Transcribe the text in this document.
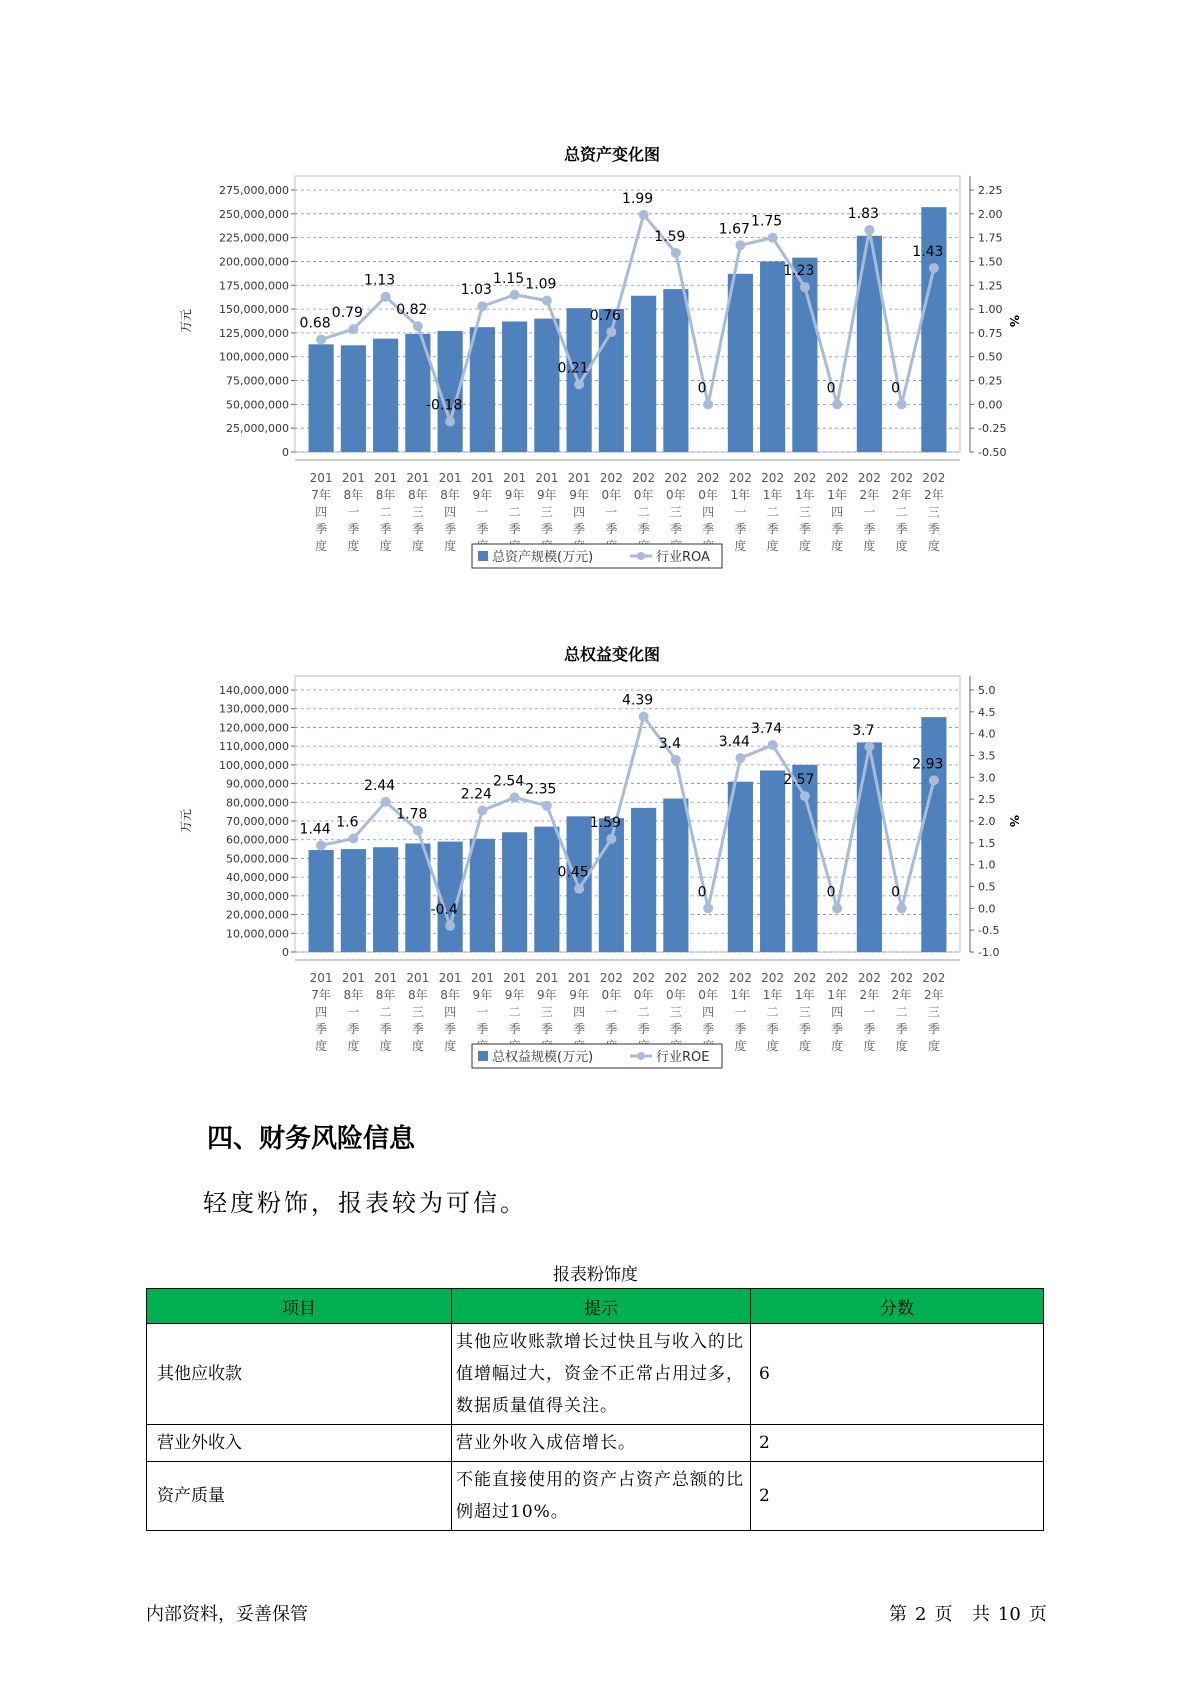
总资产变化图
0
25,000,000
50,000,000
75,000,000
100,000,000
125,000,000
150,000,000
175,000,000
200,000,000
225,000,000
250,000,000
275,000,000
-0.50
-0.25
0.00
0.25
0.50
0.75
1.00
1.25
1.50
1.75
2.00
2.25
万元	%
0.68
0.79
1.13
0.82
-0.18
1.03
1.15 1.09
0.21
0.76
1.99
1.59
0
1.67 1.75
1.23
0
1.83
0
1.43
201
7年
四
季
度
201
8年
一
季
度
201
8年
二
季
度
201
8年
三
季
度
201
8年
四
季
度
201
9年
一
季
201
9年
二
季
201
9年
三
季
201
9年
四
季
202
0年
一
季
202
0年
二
季
202
0年
三
季
202
0年
四
季
202
1年
一
季
度
202
1年
二
季
度
202
1年
三
季
度
202
1年
四
季
度
202
2年
一
季
度
202
2年
二
季
度
202
2年
三
季
度
总资产规模(万元)	行业ROA
总权益变化图
0
10,000,000
20,000,000
30,000,000
40,000,000
50,000,000
60,000,000
70,000,000
80,000,000
90,000,000
100,000,000
110,000,000
120,000,000
130,000,000
140,000,000
-1.0
-0.5
0.0
0.5
1.0
1.5
2.0
2.5
3.0
3.5
4.0
4.5
5.0
万元	%
1.44 1.6
2.44
1.78
-0.4
2.24
2.54
2.35
0.45
1.59
4.39
3.4
0
3.44
3.74
2.57
0
3.7
0
2.93
201
7年
四
季
度
201
8年
一
季
度
201
8年
二
季
度
201
8年
三
季
度
201
8年
四
季
度
201
9年
一
季
201
9年
二
季
201
9年
三
季
201
9年
四
季
202
0年
一
季
202
0年
二
季
202
0年
三
季
202
0年
四
季
202
1年
一
季
度
202
1年
二
季
度
202
1年
三
季
度
202
1年
四
季
度
202
2年
一
季
度
202
2年
二
季
度
202
2年
三
季
度
总权益规模(万元)	行业ROE
四、财务风险信息

轻度粉饰，报表较为可信。

报表粉饰度
项目	提示	分数
其他应收款	其他应收账款增长过快且与收入的比值增幅过大，资金不正常占用过多，数据质量值得关注。	6
营业外收入	营业外收入成倍增长。	2
资产质量	不能直接使用的资产占资产总额的比例超过10%。	2
内部资料，妥善保管	第 2 页 共 10 页
